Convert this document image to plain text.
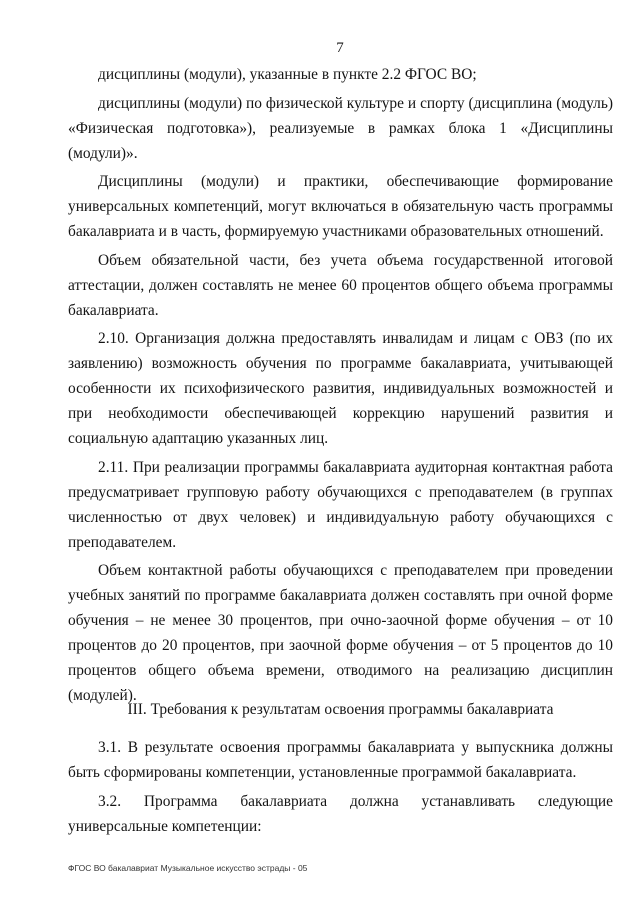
7

дисциплины (модули), указанные в пункте 2.2 ФГОС ВО;

дисциплины (модули) по физической культуре и спорту (дисциплина (модуль) «Физическая подготовка»), реализуемые в рамках блока 1 «Дисциплины (модули)».

Дисциплины (модули) и практики, обеспечивающие формирование универсальных компетенций, могут включаться в обязательную часть программы бакалавриата и в часть, формируемую участниками образовательных отношений.

Объем обязательной части, без учета объема государственной итоговой аттестации, должен составлять не менее 60 процентов общего объема программы бакалавриата.

2.10. Организация должна предоставлять инвалидам и лицам с ОВЗ (по их заявлению) возможность обучения по программе бакалавриата, учитывающей особенности их психофизического развития, индивидуальных возможностей и при необходимости обеспечивающей коррекцию нарушений развития и социальную адаптацию указанных лиц.

2.11. При реализации программы бакалавриата аудиторная контактная работа предусматривает групповую работу обучающихся с преподавателем (в группах численностью от двух человек) и индивидуальную работу обучающихся с преподавателем.

Объем контактной работы обучающихся с преподавателем при проведении учебных занятий по программе бакалавриата должен составлять при очной форме обучения – не менее 30 процентов, при очно-заочной форме обучения – от 10 процентов до 20 процентов, при заочной форме обучения – от 5 процентов до 10 процентов общего объема времени, отводимого на реализацию дисциплин (модулей).

III. Требования к результатам освоения программы бакалавриата

3.1. В результате освоения программы бакалавриата у выпускника должны быть сформированы компетенции, установленные программой бакалавриата.

3.2. Программа бакалавриата должна устанавливать следующие универсальные компетенции:

ФГОС ВО бакалавриат Музыкальное искусство эстрады - 05
